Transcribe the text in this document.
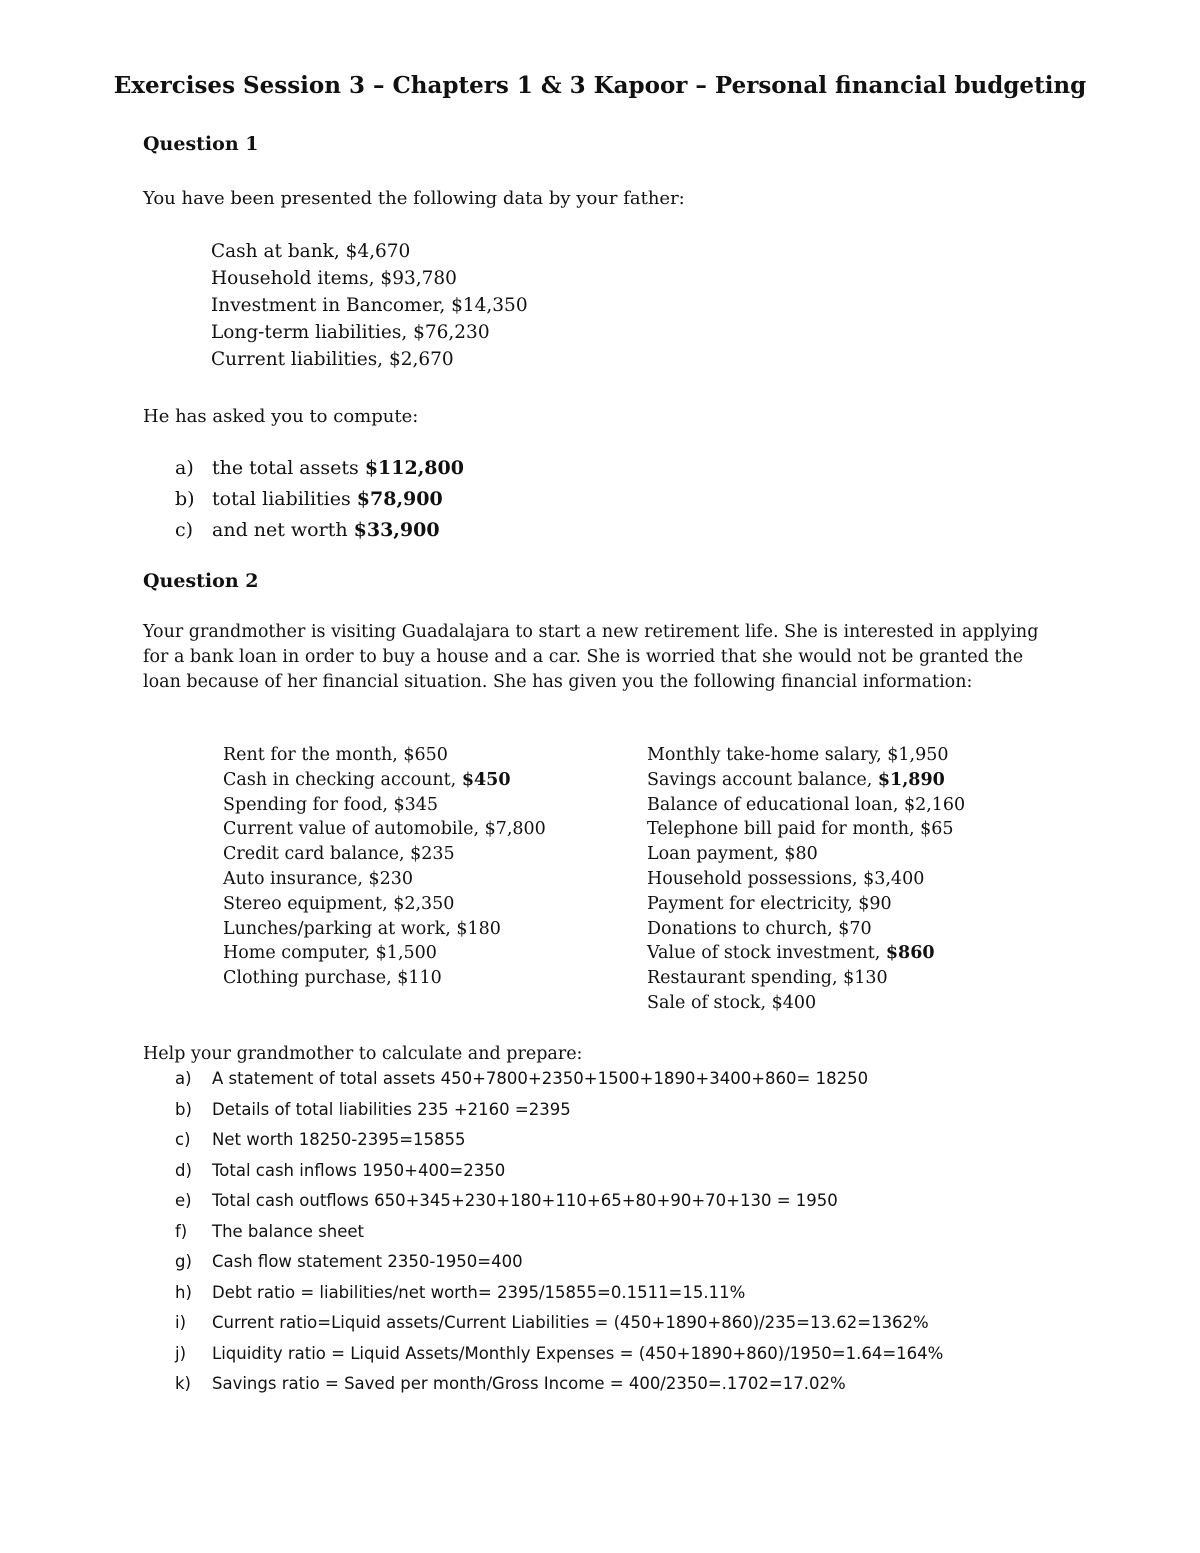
Exercises Session 3 – Chapters 1 & 3 Kapoor – Personal financial budgeting
Question 1
You have been presented the following data by your father:
Cash at bank, $4,670
Household items, $93,780
Investment in Bancomer, $14,350
Long-term liabilities, $76,230
Current liabilities, $2,670
He has asked you to compute:
a) the total assets $112,800
b) total liabilities $78,900
c) and net worth $33,900
Question 2
Your grandmother is visiting Guadalajara to start a new retirement life. She is interested in applying for a bank loan in order to buy a house and a car. She is worried that she would not be granted the loan because of her financial situation. She has given you the following financial information:
Rent for the month, $650
Cash in checking account, $450
Spending for food, $345
Current value of automobile, $7,800
Credit card balance, $235
Auto insurance, $230
Stereo equipment, $2,350
Lunches/parking at work, $180
Home computer, $1,500
Clothing purchase, $110
Monthly take-home salary, $1,950
Savings account balance, $1,890
Balance of educational loan, $2,160
Telephone bill paid for month, $65
Loan payment, $80
Household possessions, $3,400
Payment for electricity, $90
Donations to church, $70
Value of stock investment, $860
Restaurant spending, $130
Sale of stock, $400
Help your grandmother to calculate and prepare:
a) A statement of total assets 450+7800+2350+1500+1890+3400+860= 18250
b) Details of total liabilities 235 +2160 =2395
c) Net worth 18250-2395=15855
d) Total cash inflows 1950+400=2350
e) Total cash outflows 650+345+230+180+110+65+80+90+70+130 = 1950
f) The balance sheet
g) Cash flow statement 2350-1950=400
h) Debt ratio = liabilities/net worth= 2395/15855=0.1511=15.11%
i) Current ratio=Liquid assets/Current Liabilities = (450+1890+860)/235=13.62=1362%
j) Liquidity ratio = Liquid Assets/Monthly Expenses = (450+1890+860)/1950=1.64=164%
k) Savings ratio = Saved per month/Gross Income = 400/2350=.1702=17.02%
